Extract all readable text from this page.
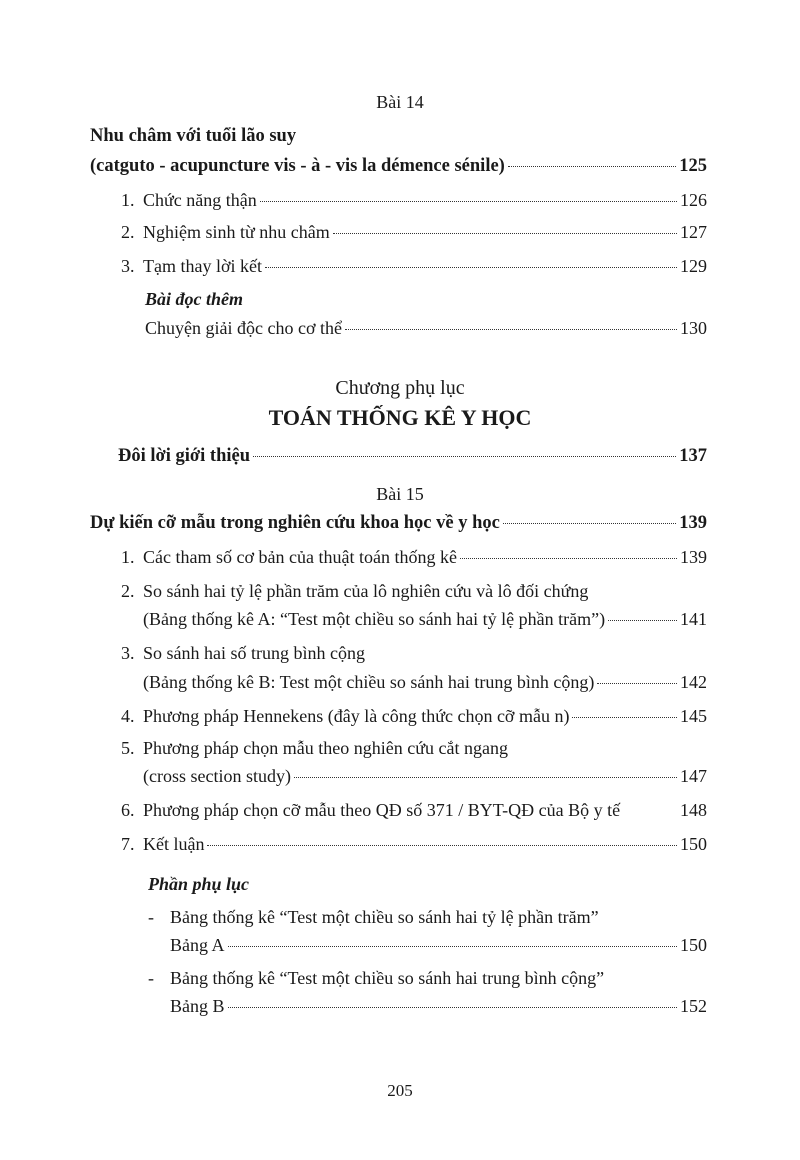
Bài 14
Nhu châm với tuổi lão suy
(catguto - acupuncture vis - à - vis la démence sénile)	125
1. Chức năng thận	126
2. Nghiệm sinh từ nhu châm	127
3. Tạm thay lời kết	129
Bài đọc thêm
Chuyện giải độc cho cơ thể	130
Chương phụ lục
TOÁN THỐNG KÊ Y HỌC
Đôi lời giới thiệu	137
Bài 15
Dự kiến cỡ mẫu trong nghiên cứu khoa học về y học	139
1. Các tham số cơ bản của thuật toán thống kê	139
2. So sánh hai tỷ lệ phần trăm của lô nghiên cứu và lô đối chứng
(Bảng thống kê A: “Test một chiều so sánh hai tỷ lệ phần trăm”)	141
3. So sánh hai số trung bình cộng
(Bảng thống kê B: Test một chiều so sánh hai trung bình cộng)	142
4. Phương pháp Hennekens (đây là công thức chọn cỡ mẫu n)	145
5. Phương pháp chọn mẫu theo nghiên cứu cắt ngang
(cross section study)	147
6. Phương pháp chọn cỡ mẫu theo QĐ số 371 / BYT-QĐ của Bộ y tế	148
7. Kết luận	150
Phần phụ lục
- Bảng thống kê “Test một chiều so sánh hai tỷ lệ phần trăm”
Bảng A	150
- Bảng thống kê “Test một chiều so sánh hai trung bình cộng”
Bảng B	152
205
